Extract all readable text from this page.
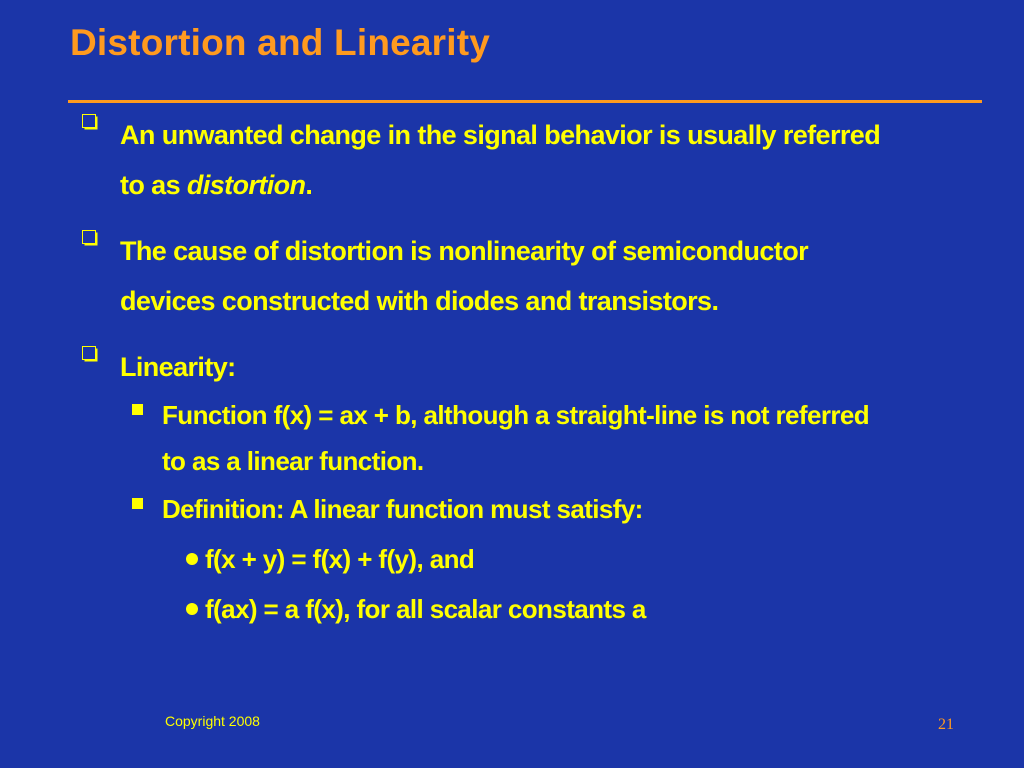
Distortion and Linearity
An unwanted change in the signal behavior is usually referred
to as distortion.
The cause of distortion is nonlinearity of semiconductor
devices constructed with diodes and transistors.
Linearity:
Function f(x) = ax + b, although a straight-line is not referred
to as a linear function.
Definition: A linear function must satisfy:
f(x + y) = f(x) + f(y), and
f(ax) = a f(x), for all scalar constants a
Copyright 2008	21
